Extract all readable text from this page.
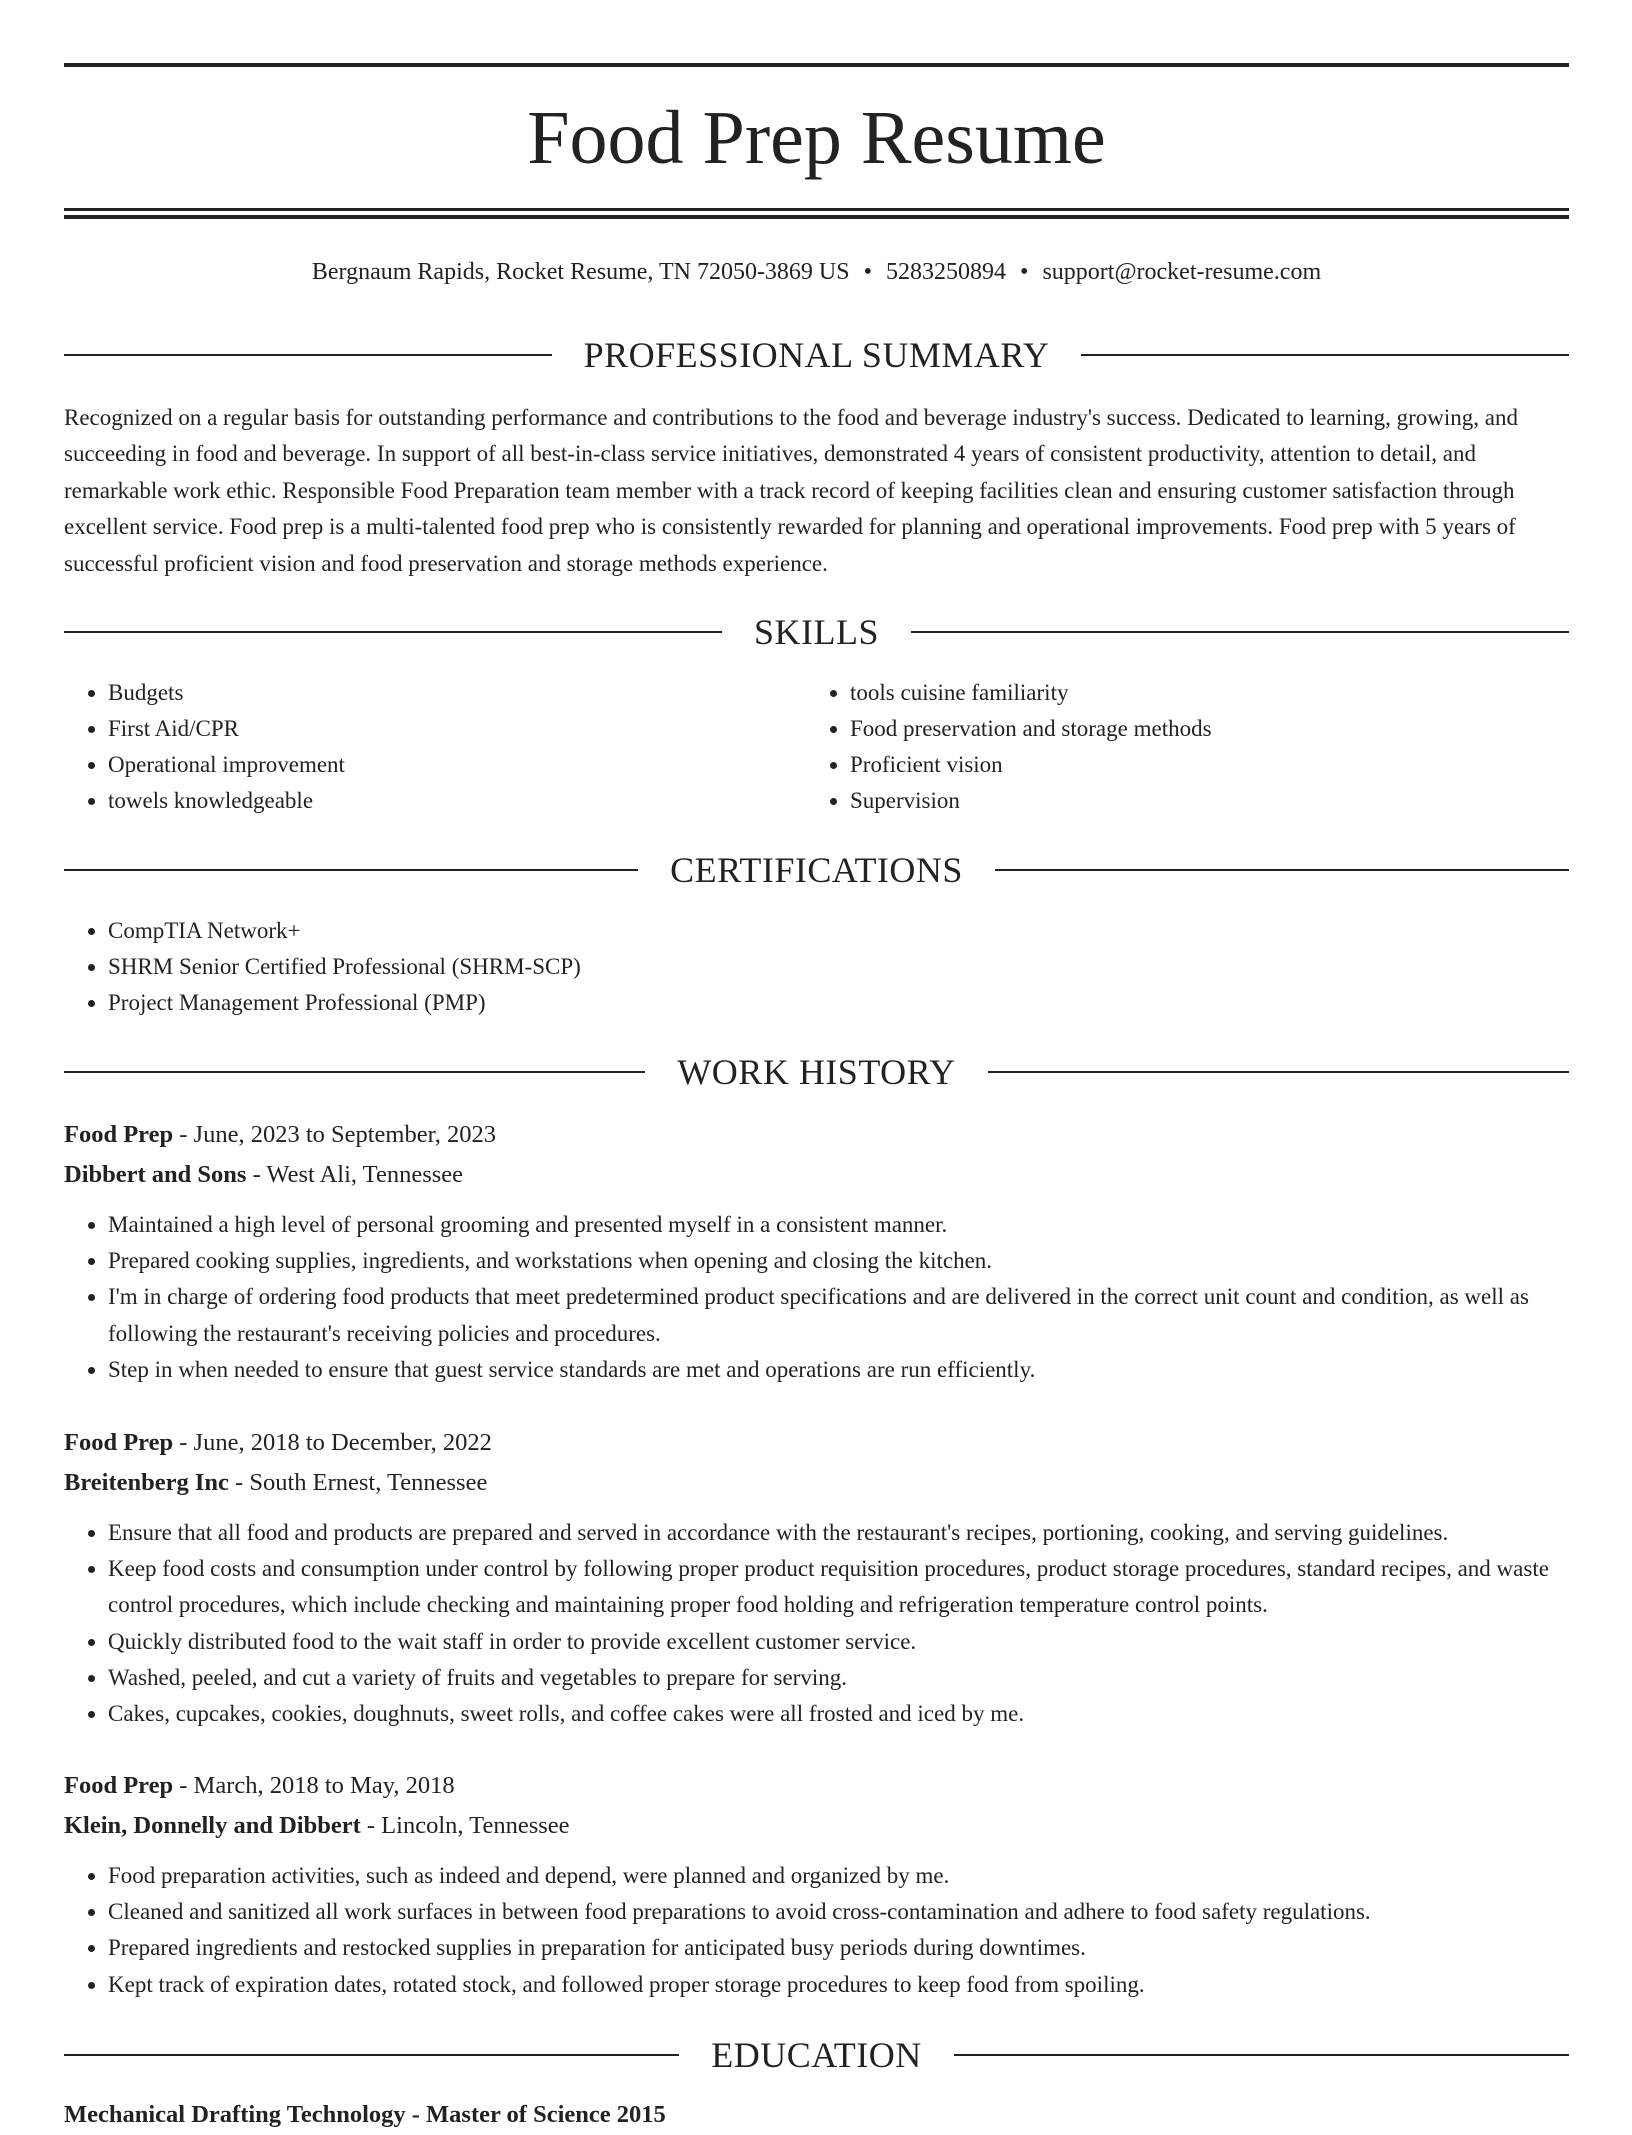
Food Prep Resume
Bergnaum Rapids, Rocket Resume, TN 72050-3869 US • 5283250894 • support@rocket-resume.com
PROFESSIONAL SUMMARY

Recognized on a regular basis for outstanding performance and contributions to the food and beverage industry's success. Dedicated to learning, growing, and succeeding in food and beverage. In support of all best-in-class service initiatives, demonstrated 4 years of consistent productivity, attention to detail, and remarkable work ethic. Responsible Food Preparation team member with a track record of keeping facilities clean and ensuring customer satisfaction through excellent service. Food prep is a multi-talented food prep who is consistently rewarded for planning and operational improvements. Food prep with 5 years of successful proficient vision and food preservation and storage methods experience.

SKILLS
• Budgets
• First Aid/CPR
• Operational improvement
• towels knowledgeable
• tools cuisine familiarity
• Food preservation and storage methods
• Proficient vision
• Supervision
CERTIFICATIONS
• CompTIA Network+
• SHRM Senior Certified Professional (SHRM-SCP)
• Project Management Professional (PMP)
WORK HISTORY
Food Prep - June, 2023 to September, 2023
Dibbert and Sons - West Ali, Tennessee
• Maintained a high level of personal grooming and presented myself in a consistent manner.
• Prepared cooking supplies, ingredients, and workstations when opening and closing the kitchen.
• I'm in charge of ordering food products that meet predetermined product specifications and are delivered in the correct unit count and condition, as well as following the restaurant's receiving policies and procedures.
• Step in when needed to ensure that guest service standards are met and operations are run efficiently.
Food Prep - June, 2018 to December, 2022
Breitenberg Inc - South Ernest, Tennessee
• Ensure that all food and products are prepared and served in accordance with the restaurant's recipes, portioning, cooking, and serving guidelines.
• Keep food costs and consumption under control by following proper product requisition procedures, product storage procedures, standard recipes, and waste control procedures, which include checking and maintaining proper food holding and refrigeration temperature control points.
• Quickly distributed food to the wait staff in order to provide excellent customer service.
• Washed, peeled, and cut a variety of fruits and vegetables to prepare for serving.
• Cakes, cupcakes, cookies, doughnuts, sweet rolls, and coffee cakes were all frosted and iced by me.
Food Prep - March, 2018 to May, 2018
Klein, Donnelly and Dibbert - Lincoln, Tennessee
• Food preparation activities, such as indeed and depend, were planned and organized by me.
• Cleaned and sanitized all work surfaces in between food preparations to avoid cross-contamination and adhere to food safety regulations.
• Prepared ingredients and restocked supplies in preparation for anticipated busy periods during downtimes.
• Kept track of expiration dates, rotated stock, and followed proper storage procedures to keep food from spoiling.
EDUCATION
Mechanical Drafting Technology - Master of Science 2015
